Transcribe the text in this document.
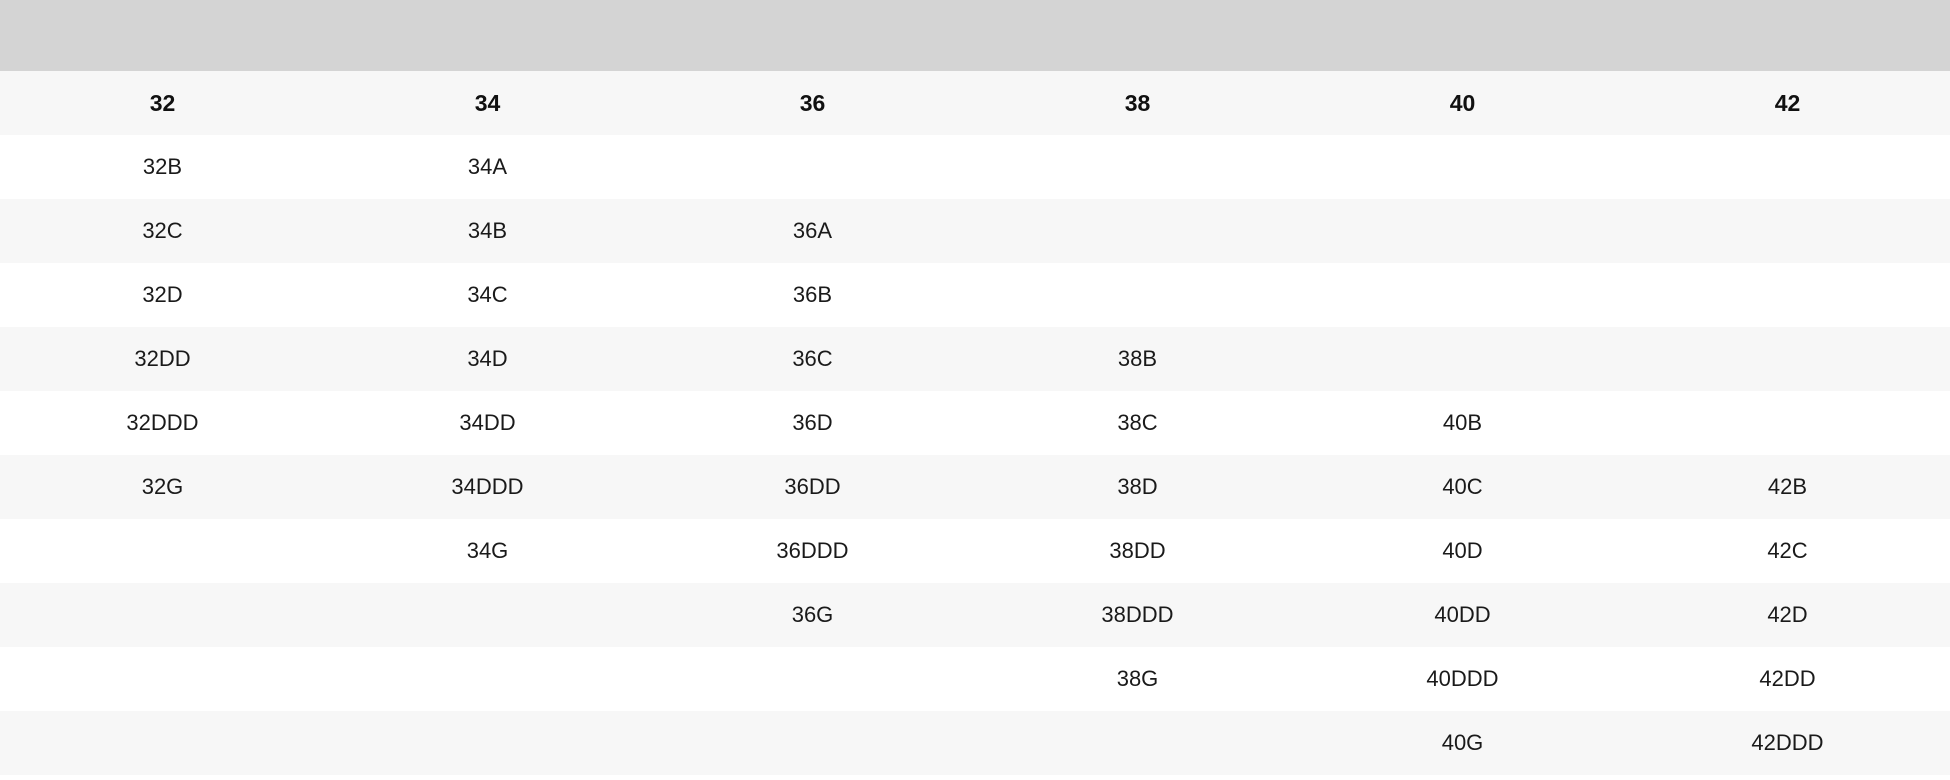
32	34	36	38	40	42
32B	34A				
32C	34B	36A			
32D	34C	36B			
32DD	34D	36C	38B		
32DDD	34DD	36D	38C	40B	
32G	34DDD	36DD	38D	40C	42B
	34G	36DDD	38DD	40D	42C
		36G	38DDD	40DD	42D
			38G	40DDD	42DD
				40G	42DDD
